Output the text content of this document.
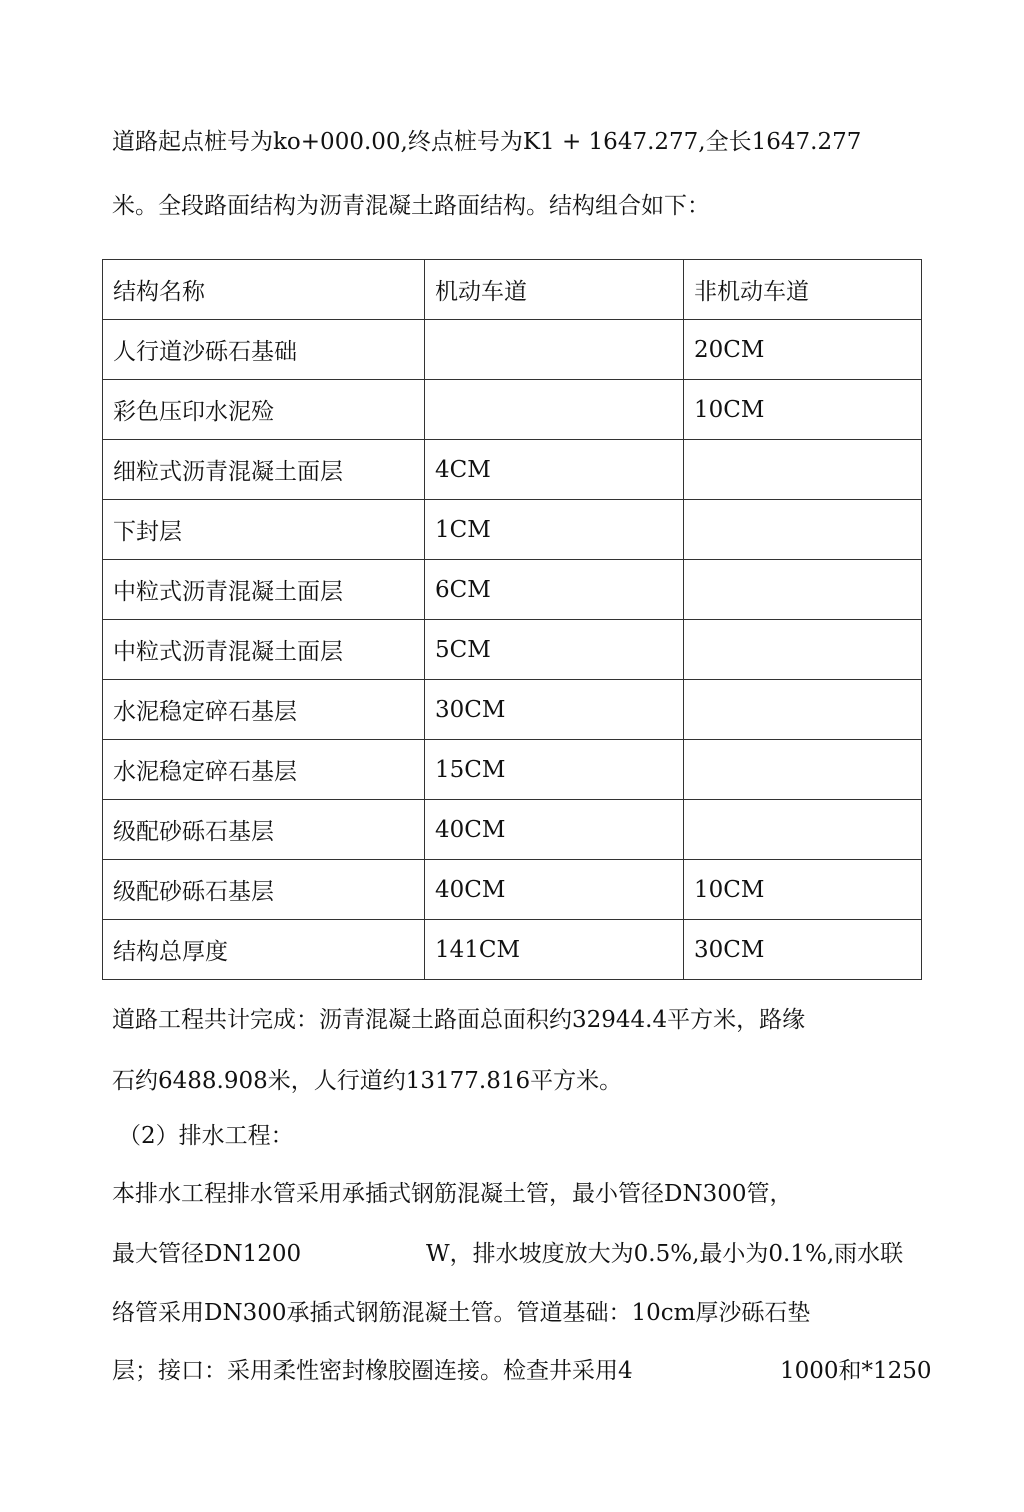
道路起点桩号为ko+000.00,终点桩号为K1 + 1647.277,全长1647.277
米。全段路面结构为沥青混凝土路面结构。结构组合如下：
结构名称	机动车道	非机动车道
人行道沙砾石基础		20CM
彩色压印水泥殓		10CM
细粒式沥青混凝土面层	4CM	
下封层	1CM	
中粒式沥青混凝土面层	6CM	
中粒式沥青混凝土面层	5CM	
水泥稳定碎石基层	30CM	
水泥稳定碎石基层	15CM	
级配砂砾石基层	40CM	
级配砂砾石基层	40CM	10CM
结构总厚度	141CM	30CM
道路工程共计完成：沥青混凝土路面总面积约32944.4平方米，路缘
石约6488.908米，人行道约13177.816平方米。
（2）排水工程：
本排水工程排水管采用承插式钢筋混凝土管，最小管径DN300管，
最大管径DN1200	W，排水坡度放大为0.5%,最小为0.1%,雨水联
络管采用DN300承插式钢筋混凝土管。管道基础：10cm厚沙砾石垫
层；接口：采用柔性密封橡胶圈连接。检查井采用4	1000和*1250
